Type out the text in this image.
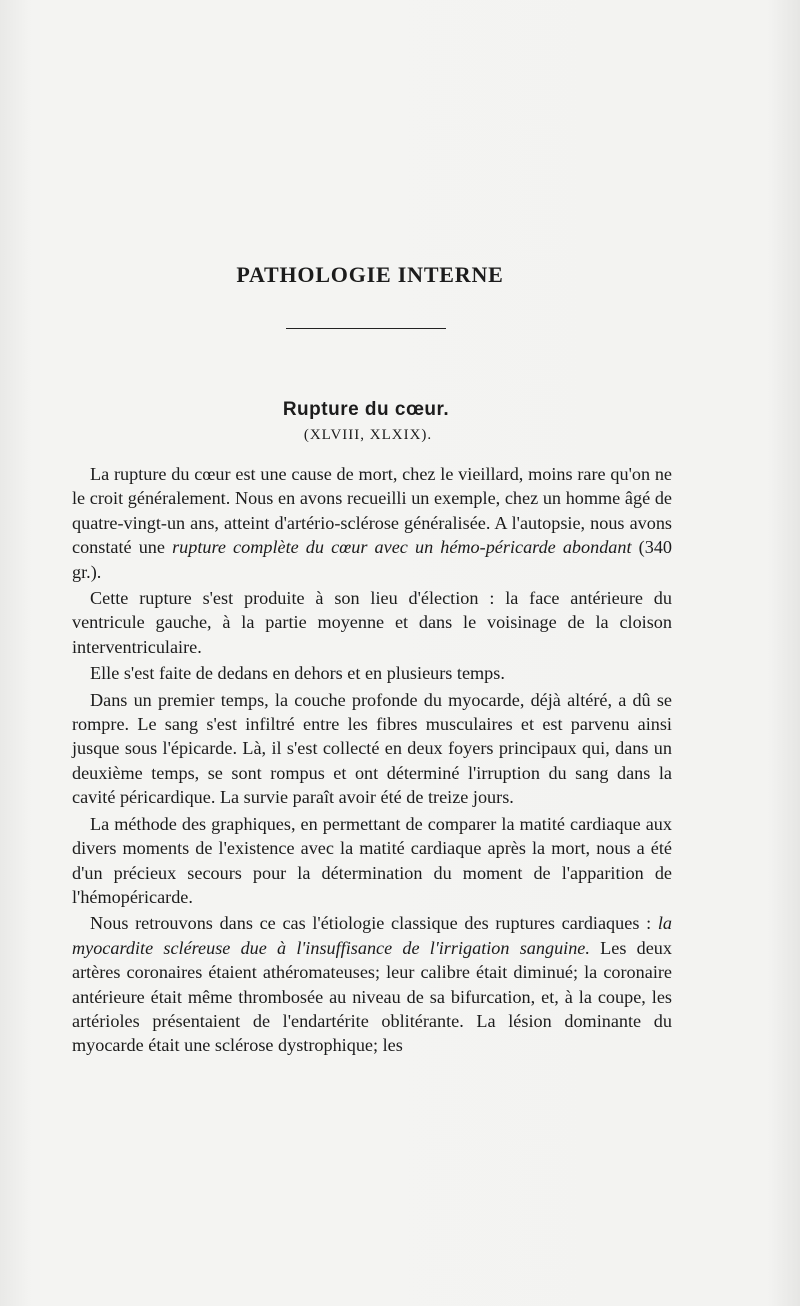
PATHOLOGIE INTERNE
Rupture du cœur.
(XLVIII, XLXIX).

La rupture du cœur est une cause de mort, chez le vieillard, moins rare qu'on ne le croit généralement. Nous en avons recueilli un exemple, chez un homme âgé de quatre-vingt-un ans, atteint d'artério-sclérose généralisée. A l'autopsie, nous avons constaté une rupture complète du cœur avec un hémo-péricarde abondant (340 gr.).

Cette rupture s'est produite à son lieu d'élection : la face antérieure du ventricule gauche, à la partie moyenne et dans le voisinage de la cloison interventriculaire.

Elle s'est faite de dedans en dehors et en plusieurs temps.

Dans un premier temps, la couche profonde du myocarde, déjà altéré, a dû se rompre. Le sang s'est infiltré entre les fibres musculaires et est parvenu ainsi jusque sous l'épicarde. Là, il s'est collecté en deux foyers principaux qui, dans un deuxième temps, se sont rompus et ont déterminé l'irruption du sang dans la cavité péricardique. La survie paraît avoir été de treize jours.

La méthode des graphiques, en permettant de comparer la matité cardiaque aux divers moments de l'existence avec la matité cardiaque après la mort, nous a été d'un précieux secours pour la détermination du moment de l'apparition de l'hémopéricarde.

Nous retrouvons dans ce cas l'étiologie classique des ruptures cardiaques : la myocardite scléreuse due à l'insuffisance de l'irrigation sanguine. Les deux artères coronaires étaient athéromateuses; leur calibre était diminué; la coronaire antérieure était même thrombosée au niveau de sa bifurcation, et, à la coupe, les artérioles présentaient de l'endartérite oblitérante. La lésion dominante du myocarde était une sclérose dystrophique; les
